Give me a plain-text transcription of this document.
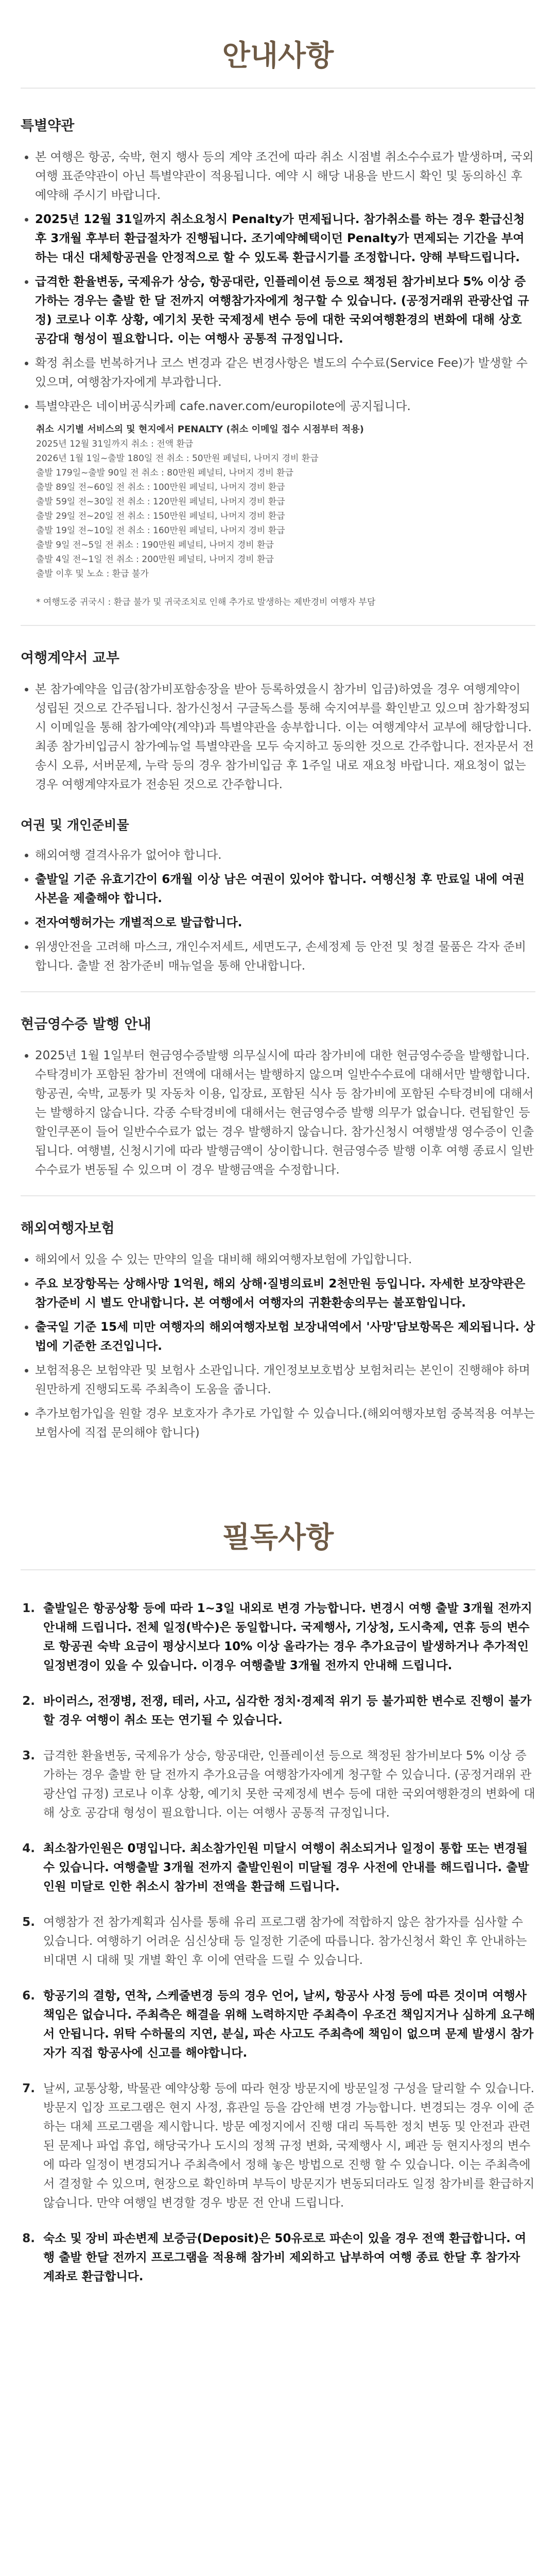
안내사항
특별약관
• 본 여행은 항공, 숙박, 현지 행사 등의 계약 조건에 따라 취소 시점별 취소수수료가 발생하며, 국외여행 표준약관이 아닌 특별약관이 적용됩니다. 예약 시 해당 내용을 반드시 확인 및 동의하신 후 예약해 주시기 바랍니다.
• 2025년 12월 31일까지 취소요청시 Penalty가 면제됩니다. 참가취소를 하는 경우 환급신청 후 3개월 후부터 환급절차가 진행됩니다. 조기예약혜택이던 Penalty가 면제되는 기간을 부여하는 대신 대체항공권을 안정적으로 할 수 있도록 환급시기를 조정합니다. 양해 부탁드립니다.
• 급격한 환율변동, 국제유가 상승, 항공대란, 인플레이션 등으로 책정된 참가비보다 5% 이상 증가하는 경우는 출발 한 달 전까지 여행참가자에게 청구할 수 있습니다. (공정거래위 관광산업 규정) 코로나 이후 상황, 예기치 못한 국제정세 변수 등에 대한 국외여행환경의 변화에 대해 상호 공감대 형성이 필요합니다. 이는 여행사 공통적 규정입니다.
• 확정 취소를 번복하거나 코스 변경과 같은 변경사항은 별도의 수수료(Service Fee)가 발생할 수 있으며, 여행참가자에게 부과합니다.
• 특별약관은 네이버공식카페 cafe.naver.com/europilote에 공지됩니다.
취소 시기별 서비스의 및 현지에서 PENALTY (취소 이메일 접수 시점부터 적용)
2025년 12월 31일까지 취소 : 전액 환급
2026년 1월 1일~출발 180일 전 취소 : 50만원 페널티, 나머지 경비 환급
출발 179일~출발 90일 전 취소 : 80만원 페널티, 나머지 경비 환급
출발 89일 전~60일 전 취소 : 100만원 페널티, 나머지 경비 환급
출발 59일 전~30일 전 취소 : 120만원 페널티, 나머지 경비 환급
출발 29일 전~20일 전 취소 : 150만원 페널티, 나머지 경비 환급
출발 19일 전~10일 전 취소 : 160만원 페널티, 나머지 경비 환급
출발 9일 전~5일 전 취소 : 190만원 페널티, 나머지 경비 환급
출발 4일 전~1일 전 취소 : 200만원 페널티, 나머지 경비 환급
출발 이후 및 노쇼 : 환급 불가
* 여행도중 귀국시 : 환급 불가 및 귀국조치로 인해 추가로 발생하는 제반경비 여행자 부담
여행계약서 교부
• 본 참가예약을 입금(참가비포함송장을 받아 등록하였을시 참가비 입금)하였을 경우 여행계약이 성립된 것으로 간주됩니다. 참가신청서 구글독스를 통해 숙지여부를 확인받고 있으며 참가확정되시 이메일을 통해 참가예약(계약)과 특별약관을 송부합니다. 이는 여행계약서 교부에 해당합니다. 최종 참가비입금시 참가예뉴얼 특별약관을 모두 숙지하고 동의한 것으로 간주합니다. 전자문서 전송시 오류, 서버문제, 누락 등의 경우 참가비입금 후 1주일 내로 재요청 바랍니다. 재요청이 없는 경우 여행계약자료가 전송된 것으로 간주합니다.
여권 및 개인준비물
• 해외여행 결격사유가 없어야 합니다.
• 출발일 기준 유효기간이 6개월 이상 남은 여권이 있어야 합니다. 여행신청 후 만료일 내에 여권사본을 제출해야 합니다.
• 전자여행허가는 개별적으로 발급합니다.
• 위생안전을 고려해 마스크, 개인수저세트, 세면도구, 손세정제 등 안전 및 청결 물품은 각자 준비합니다. 출발 전 참가준비 매뉴얼을 통해 안내합니다.
현금영수증 발행 안내
• 2025년 1월 1일부터 현금영수증발행 의무실시에 따라 참가비에 대한 현금영수증을 발행합니다. 수탁경비가 포함된 참가비 전액에 대해서는 발행하지 않으며 일반수수료에 대해서만 발행합니다. 항공권, 숙박, 교통카 및 자동차 이용, 입장료, 포함된 식사 등 참가비에 포함된 수탁경비에 대해서는 발행하지 않습니다. 각종 수탁경비에 대해서는 현금영수증 발행 의무가 없습니다. 련됩할인 등 할인쿠폰이 들어 일반수수료가 없는 경우 발행하지 않습니다. 참가신청시 여행발생 영수증이 인출됩니다. 여행별, 신청시기에 따라 발행금액이 상이합니다. 현금영수증 발행 이후 여행 종료시 일반수수료가 변동될 수 있으며 이 경우 발행금액을 수정합니다.
해외여행자보험
• 해외에서 있을 수 있는 만약의 일을 대비해 해외여행자보험에 가입합니다.
• 주요 보장항목는 상해사망 1억원, 해외 상해·질병의료비 2천만원 등입니다. 자세한 보장약관은 참가준비 시 별도 안내합니다. 본 여행에서 여행자의 귀환환송의무는 불포함입니다.
• 출국일 기준 15세 미만 여행자의 해외여행자보험 보장내역에서 '사망'담보항목은 제외됩니다. 상법에 기준한 조건입니다.
• 보험적용은 보험약관 및 보험사 소관입니다. 개인정보보호법상 보험처리는 본인이 진행해야 하며 원만하게 진행되도록 주최측이 도움을 줍니다.
• 추가보험가입을 원할 경우 보호자가 추가로 가입할 수 있습니다.(해외여행자보험 중복적용 여부는 보험사에 직접 문의해야 합니다)
필독사항
1. 출발일은 항공상황 등에 따라 1~3일 내외로 변경 가능합니다. 변경시 여행 출발 3개월 전까지 안내해 드립니다. 전체 일정(박수)은 동일합니다. 국제행사, 기상청, 도시축제, 연휴 등의 변수로 항공권 숙박 요금이 평상시보다 10% 이상 올라가는 경우 추가요금이 발생하거나 추가적인 일정변경이 있을 수 있습니다. 이경우 여행출발 3개월 전까지 안내해 드립니다.
2. 바이러스, 전쟁병, 전쟁, 테러, 사고, 심각한 정치·경제적 위기 등 불가피한 변수로 진행이 불가할 경우 여행이 취소 또는 연기될 수 있습니다.
3. 급격한 환율변동, 국제유가 상승, 항공대란, 인플레이션 등으로 책정된 참가비보다 5% 이상 증가하는 경우 출발 한 달 전까지 추가요금을 여행참가자에게 청구할 수 있습니다. (공정거래위 관광산업 규정) 코로나 이후 상황, 예기치 못한 국제정세 변수 등에 대한 국외여행환경의 변화에 대해 상호 공감대 형성이 필요합니다. 이는 여행사 공통적 규정입니다.
4. 최소참가인원은 0명입니다. 최소참가인원 미달시 여행이 취소되거나 일정이 통합 또는 변경될 수 있습니다. 여행출발 3개월 전까지 출발인원이 미달될 경우 사전에 안내를 해드립니다. 출발인원 미달로 인한 취소시 참가비 전액을 환급해 드립니다.
5. 여행참가 전 참가계획과 심사를 통해 유리 프로그램 참가에 적합하지 않은 참가자를 심사할 수 있습니다. 여행하기 어려운 심신상태 등 일정한 기준에 따릅니다. 참가신청서 확인 후 안내하는 비대면 시 대해 및 개별 확인 후 이에 연락을 드릴 수 있습니다.
6. 항공기의 결항, 연착, 스케줄변경 등의 경우 언어, 날씨, 항공사 사정 등에 따른 것이며 여행사 책임은 없습니다. 주최측은 해결을 위해 노력하지만 주최측이 우조건 책임지거나 심하게 요구해서 안됩니다. 위탁 수하물의 지연, 분실, 파손 사고도 주최측에 책임이 없으며 문제 발생시 참가자가 직접 항공사에 신고를 해야합니다.
7. 날씨, 교통상황, 박물관 예약상황 등에 따라 현장 방문지에 방문일정 구성을 달리할 수 있습니다. 방문지 입장 프로그램은 현지 사정, 휴관일 등을 감안해 변경 가능합니다. 변경되는 경우 이에 준하는 대체 프로그램을 제시합니다. 방문 예정지에서 진행 대리 독특한 정치 변동 및 안전과 관련된 문제나 파업 휴업, 해당국가나 도시의 정책 규정 변화, 국제행사 시, 폐관 등 현지사정의 변수에 따라 일정이 변경되거나 주최측에서 정해 놓은 방법으로 진행 할 수 있습니다. 이는 주최측에서 결정할 수 있으며, 현장으로 확인하며 부득이 방문지가 변동되더라도 일정 참가비를 환급하지 않습니다. 만약 여행일 변경할 경우 방문 전 안내 드립니다.
8. 숙소 및 장비 파손변제 보증금(Deposit)은 50유로로 파손이 있을 경우 전액 환급합니다. 여행 출발 한달 전까지 프로그램을 적용해 참가비 제외하고 납부하여 여행 종료 한달 후 참가자 계좌로 환급합니다.
